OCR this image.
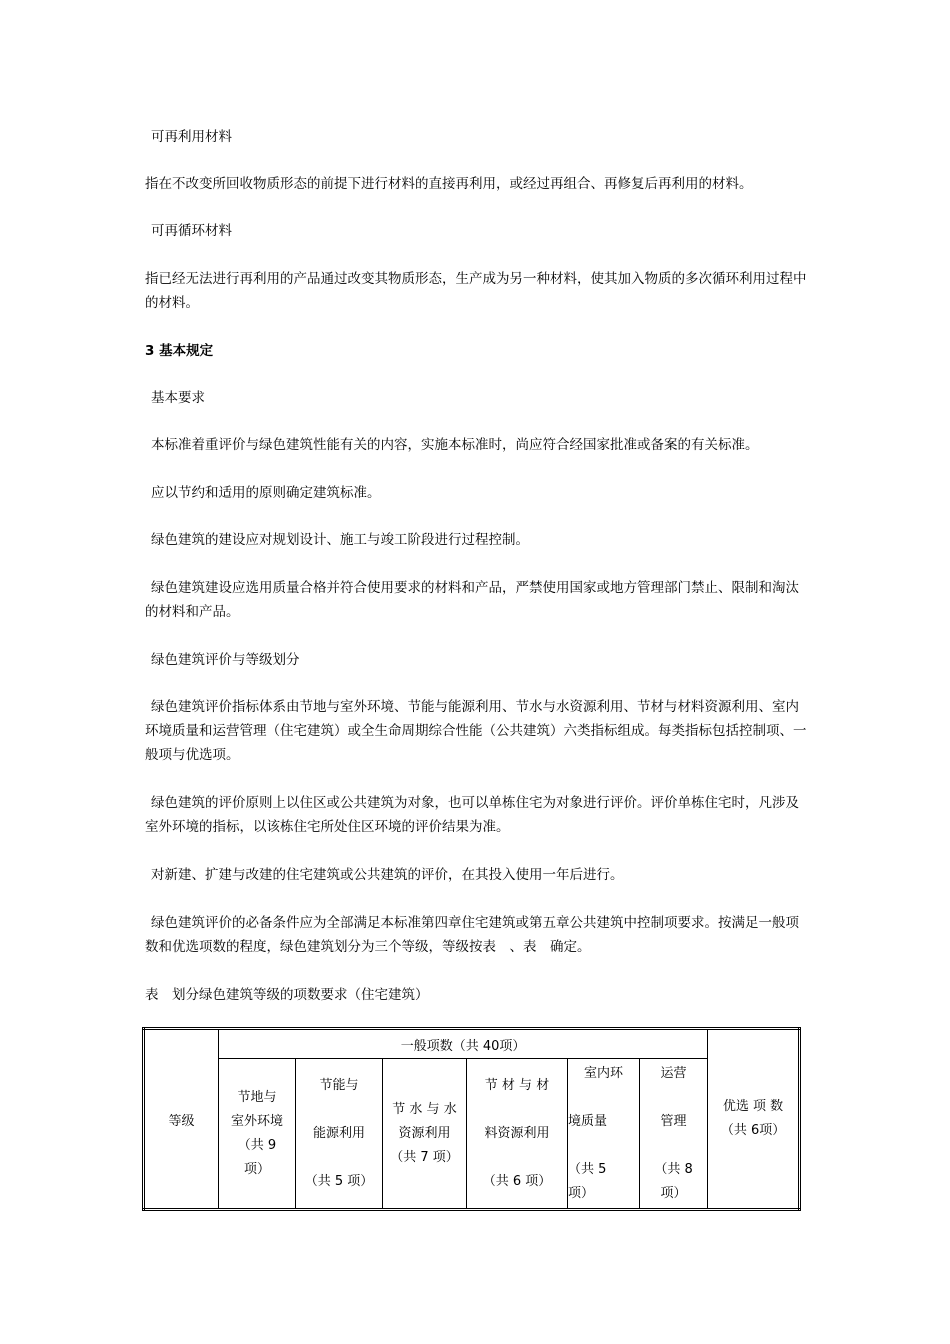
可再利用材料

指在不改变所回收物质形态的前提下进行材料的直接再利用，或经过再组合、再修复后再利用的材料。

可再循环材料

指已经无法进行再利用的产品通过改变其物质形态，生产成为另一种材料，使其加入物质的多次循环利用过程中的材料。

3 基本规定

基本要求

本标准着重评价与绿色建筑性能有关的内容，实施本标准时，尚应符合经国家批准或备案的有关标准。

应以节约和适用的原则确定建筑标准。

绿色建筑的建设应对规划设计、施工与竣工阶段进行过程控制。

绿色建筑建设应选用质量合格并符合使用要求的材料和产品，严禁使用国家或地方管理部门禁止、限制和淘汰的材料和产品。

绿色建筑评价与等级划分

绿色建筑评价指标体系由节地与室外环境、节能与能源利用、节水与水资源利用、节材与材料资源利用、室内环境质量和运营管理（住宅建筑）或全生命周期综合性能（公共建筑）六类指标组成。每类指标包括控制项、一般项与优选项。

绿色建筑的评价原则上以住区或公共建筑为对象，也可以单栋住宅为对象进行评价。评价单栋住宅时，凡涉及室外环境的指标，以该栋住宅所处住区环境的评价结果为准。

对新建、扩建与改建的住宅建筑或公共建筑的评价，在其投入使用一年后进行。

绿色建筑评价的必备条件应为全部满足本标准第四章住宅建筑或第五章公共建筑中控制项要求。按满足一般项数和优选项数的程度，绿色建筑划分为三个等级，等级按表　、表　确定。

表　划分绿色建筑等级的项数要求（住宅建筑）

等级	一般项数（共 40项）						优选 项 数（共 6项）

	节地与
室外环境
（共 9
项）	节能与
能源利用
（共 5 项）	节 水 与 水
资源利用
（共 7 项）	节 材 与 材
料资源利用
（共 6 项）	室内环
境质量
（共 5
项）	运营
管理
（共 8
项）	
